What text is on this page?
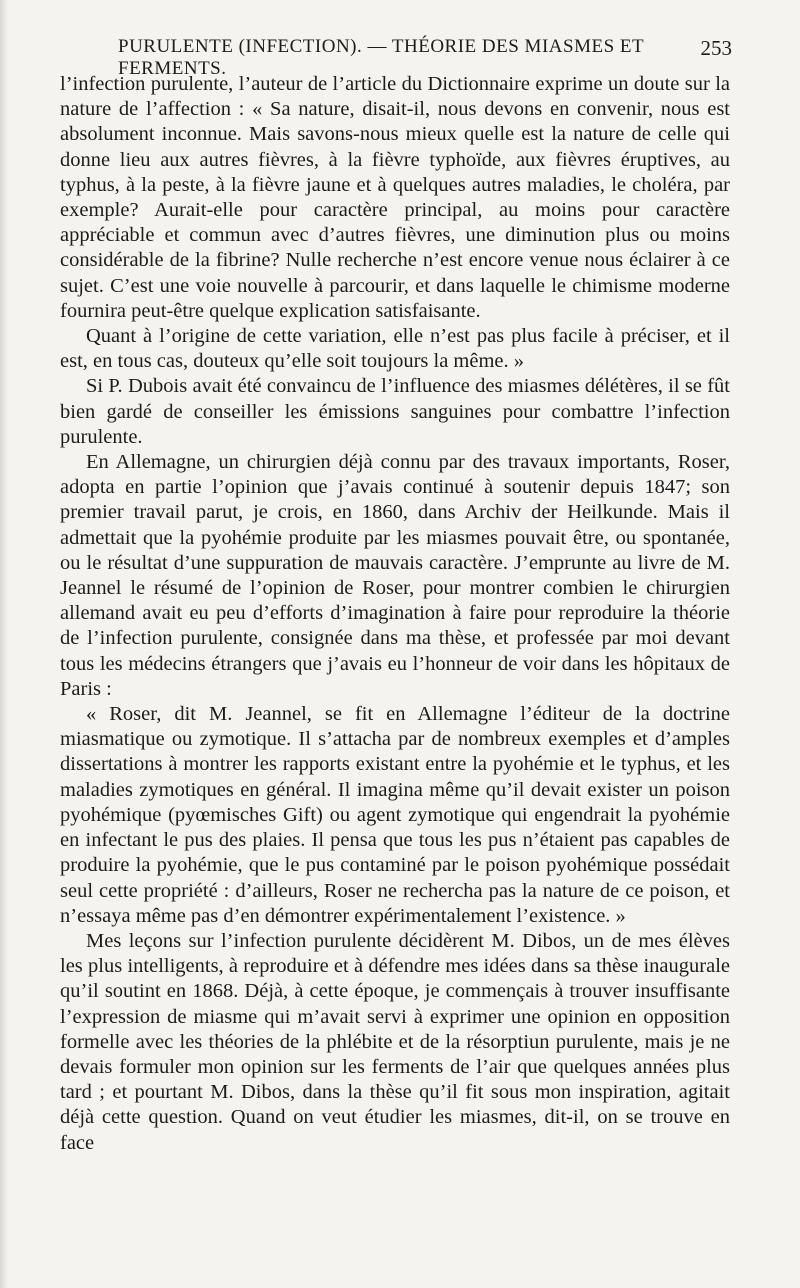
PURULENTE (INFECTION). — THÉORIE DES MIASMES ET FERMENTS.
253

l’infection purulente, l’auteur de l’article du Dictionnaire exprime un doute sur la nature de l’affection : « Sa nature, disait-il, nous devons en convenir, nous est absolument inconnue. Mais savons-nous mieux quelle est la nature de celle qui donne lieu aux autres fièvres, à la fièvre typhoïde, aux fièvres éruptives, au typhus, à la peste, à la fièvre jaune et à quelques autres maladies, le choléra, par exemple? Aurait-elle pour caractère principal, au moins pour caractère appréciable et commun avec d’autres fièvres, une diminution plus ou moins considérable de la fibrine? Nulle recherche n’est encore venue nous éclairer à ce sujet. C’est une voie nouvelle à parcourir, et dans laquelle le chimisme moderne fournira peut-être quelque explication satisfaisante.

Quant à l’origine de cette variation, elle n’est pas plus facile à préciser, et il est, en tous cas, douteux qu’elle soit toujours la même. »

Si P. Dubois avait été convaincu de l’influence des miasmes délétères, il se fût bien gardé de conseiller les émissions sanguines pour combattre l’infection purulente.

En Allemagne, un chirurgien déjà connu par des travaux importants, Roser, adopta en partie l’opinion que j’avais continué à soutenir depuis 1847; son premier travail parut, je crois, en 1860, dans Archiv der Heilkunde. Mais il admettait que la pyohémie produite par les miasmes pouvait être, ou spontanée, ou le résultat d’une suppuration de mauvais caractère. J’emprunte au livre de M. Jeannel le résumé de l’opinion de Roser, pour montrer combien le chirurgien allemand avait eu peu d’efforts d’imagination à faire pour reproduire la théorie de l’infection purulente, consignée dans ma thèse, et professée par moi devant tous les médecins étrangers que j’avais eu l’honneur de voir dans les hôpitaux de Paris :

« Roser, dit M. Jeannel, se fit en Allemagne l’éditeur de la doctrine miasmatique ou zymotique. Il s’attacha par de nombreux exemples et d’amples dissertations à montrer les rapports existant entre la pyohémie et le typhus, et les maladies zymotiques en général. Il imagina même qu’il devait exister un poison pyohémique (pyœmisches Gift) ou agent zymotique qui engendrait la pyohémie en infectant le pus des plaies. Il pensa que tous les pus n’étaient pas capables de produire la pyohémie, que le pus contaminé par le poison pyohémique possédait seul cette propriété : d’ailleurs, Roser ne rechercha pas la nature de ce poison, et n’essaya même pas d’en démontrer expérimentalement l’existence. »

Mes leçons sur l’infection purulente décidèrent M. Dibos, un de mes élèves les plus intelligents, à reproduire et à défendre mes idées dans sa thèse inaugurale qu’il soutint en 1868. Déjà, à cette époque, je commençais à trouver insuffisante l’expression de miasme qui m’avait servi à exprimer une opinion en opposition formelle avec les théories de la phlébite et de la résorptiun purulente, mais je ne devais formuler mon opinion sur les ferments de l’air que quelques années plus tard ; et pourtant M. Dibos, dans la thèse qu’il fit sous mon inspiration, agitait déjà cette question. Quand on veut étudier les miasmes, dit-il, on se trouve en face
